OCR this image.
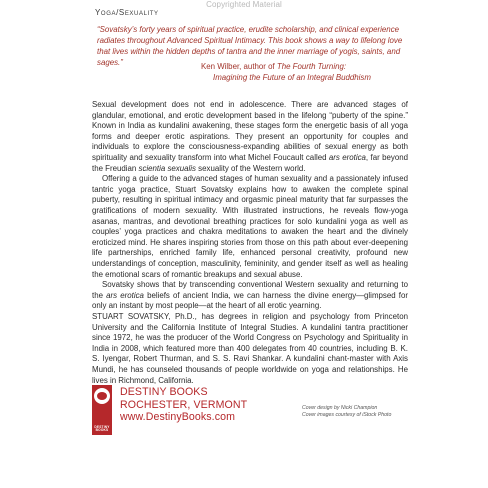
Copyrighted Material
Yoga/Sexuality
“Sovatsky’s forty years of spiritual practice, erudite scholarship, and clinical experience radiates throughout Advanced Spiritual Intimacy. This book shows a way to lifelong love that lives within the hidden depths of tantra and the inner marriage of yogis, saints, and sages.”	Ken Wilber, author of The Fourth Turning:
Imagining the Future of an Integral Buddhism

Sexual development does not end in adolescence. There are advanced stages of glandular, emotional, and erotic development based in the lifelong “puberty of the spine.” Known in India as kundalini awakening, these stages form the energetic basis of all yoga forms and deeper erotic aspirations. They present an opportunity for couples and individuals to explore the consciousness-expanding abilities of sexual energy as both spirituality and sexuality transform into what Michel Foucault called ars erotica, far beyond the Freudian scientia sexualis sexuality of the Western world.

Offering a guide to the advanced stages of human sexuality and a passionately infused tantric yoga practice, Stuart Sovatsky explains how to awaken the complete spinal puberty, resulting in spiritual intimacy and orgasmic pineal maturity that far surpasses the gratifications of modern sexuality. With illustrated instructions, he reveals flow-yoga asanas, mantras, and devotional breathing practices for solo kundalini yoga as well as couples’ yoga practices and chakra meditations to awaken the heart and the divinely eroticized mind. He shares inspiring stories from those on this path about ever-deepening life partnerships, enriched family life, enhanced personal creativity, profound new understandings of conception, masculinity, femininity, and gender itself as well as healing the emotional scars of romantic breakups and sexual abuse.

Sovatsky shows that by transcending conventional Western sexuality and returning to the ars erotica beliefs of ancient India, we can harness the divine energy—glimpsed for only an instant by most people—at the heart of all erotic yearning.

STUART SOVATSKY, Ph.D., has degrees in religion and psychology from Princeton University and the California Institute of Integral Studies. A kundalini tantra practitioner since 1972, he was the producer of the World Congress on Psychology and Spirituality in India in 2008, which featured more than 400 delegates from 40 countries, including B. K. S. Iyengar, Robert Thurman, and S. S. Ravi Shankar. A kundalini chant-master with Axis Mundi, he has counseled thousands of people worldwide on yoga and relationships. He lives in Richmond, California.
DESTINY BOOKS
DESTINY BOOKS
ROCHESTER, VERMONT
www.DestinyBooks.com
Cover design by Nicki Champion
Cover images courtesy of iStock Photo
